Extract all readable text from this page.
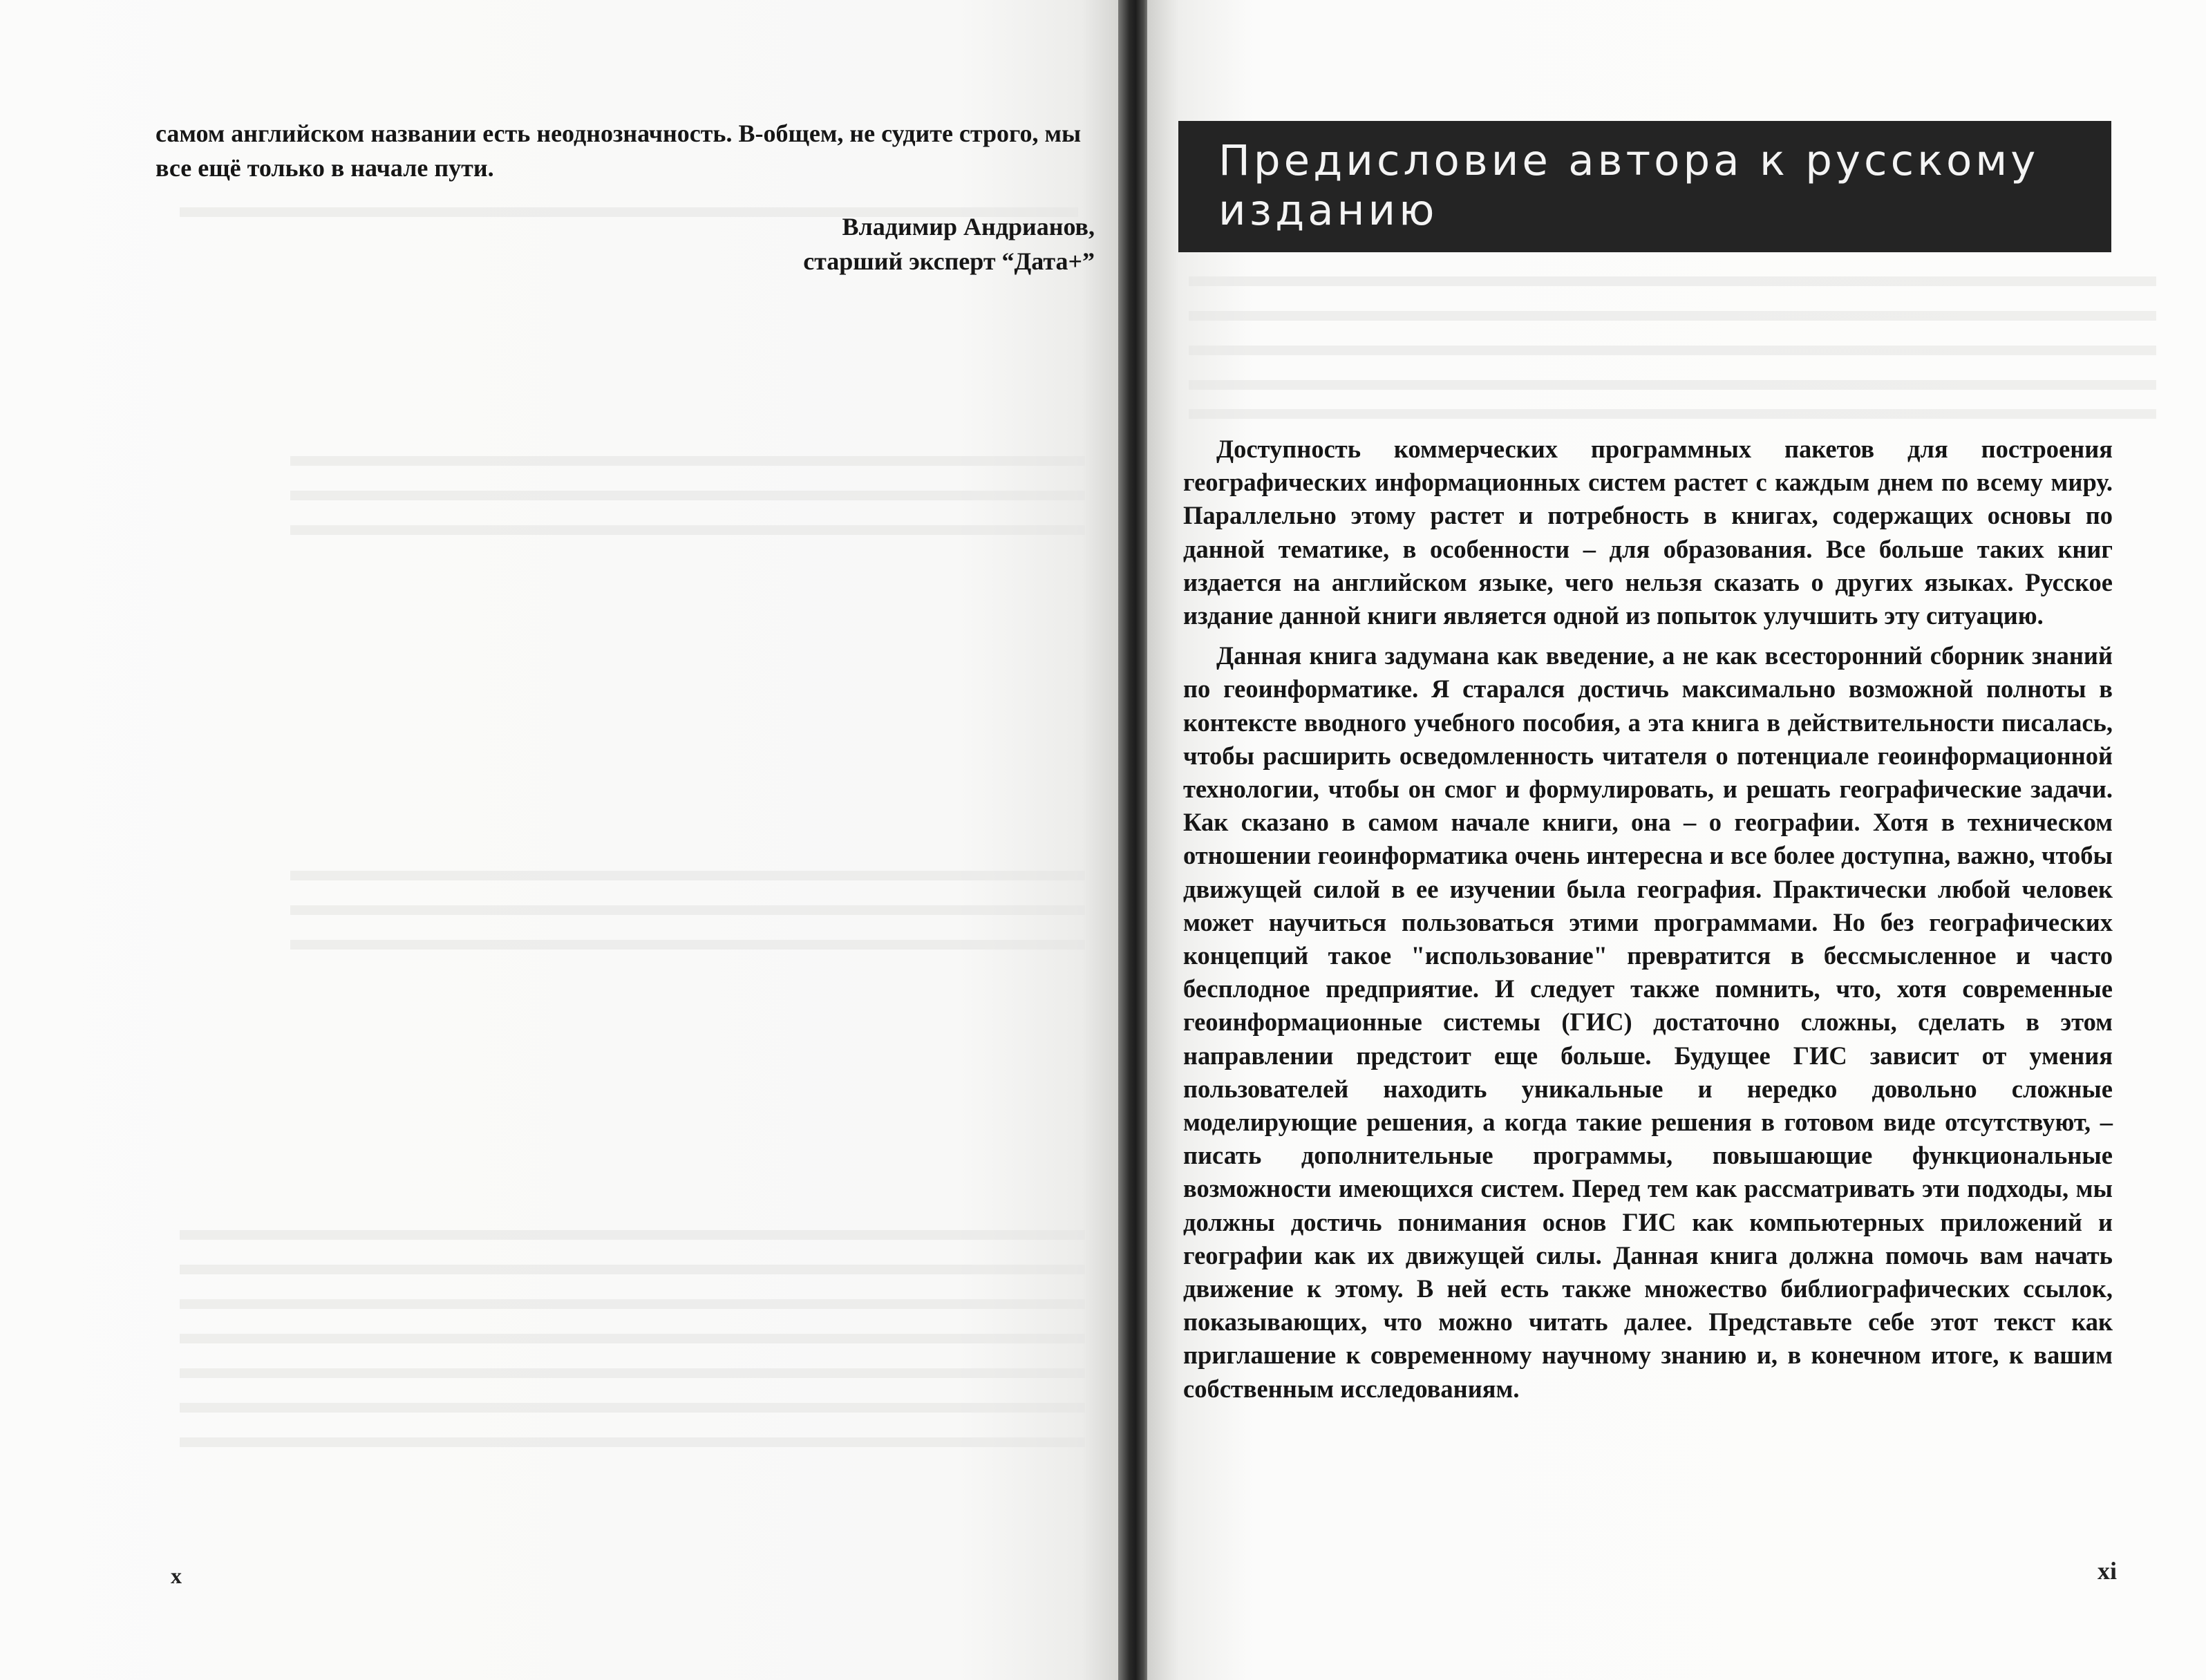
самом английском названии есть неоднозначность. В-общем, не судите строго, мы все ещё только в начале пути.
x
Владимир Андрианов,
старший эксперт “Дата+”
Предисловие автора к русскому изданию

Доступность коммерческих программных пакетов для построения географических информационных систем растет с каждым днем по всему миру. Параллельно этому растет и потребность в книгах, содержащих основы по данной тематике, в особенности – для образования. Все больше таких книг издается на английском языке, чего нельзя сказать о других языках. Русское издание данной книги является одной из попыток улучшить эту ситуацию.

Данная книга задумана как введение, а не как всесторонний сборник знаний по геоинформатике. Я старался достичь максимально возможной полноты в контексте вводного учебного пособия, а эта книга в действительности писалась, чтобы расширить осведомленность читателя о потенциале геоинформационной технологии, чтобы он смог и формулировать, и решать географические задачи. Как сказано в самом начале книги, она – о географии. Хотя в техническом отношении геоинформатика очень интересна и все более доступна, важно, чтобы движущей силой в ее изучении была география. Практически любой человек может научиться пользоваться этими программами. Но без географических концепций такое "использование" превратится в бессмысленное и часто бесплодное предприятие. И следует также помнить, что, хотя современные геоинформационные системы (ГИС) достаточно сложны, сделать в этом направлении предстоит еще больше. Будущее ГИС зависит от умения пользователей находить уникальные и нередко довольно сложные моделирующие решения, а когда такие решения в готовом виде отсутствуют, – писать дополнительные программы, повышающие функциональные возможности имеющихся систем. Перед тем как рассматривать эти подходы, мы должны достичь понимания основ ГИС как компьютерных приложений и географии как их движущей силы. Данная книга должна помочь вам начать движение к этому. В ней есть также множество библиографических ссылок, показывающих, что можно читать далее. Представьте себе этот текст как приглашение к современному научному знанию и, в конечном итоге, к вашим собственным исследованиям.

xi
